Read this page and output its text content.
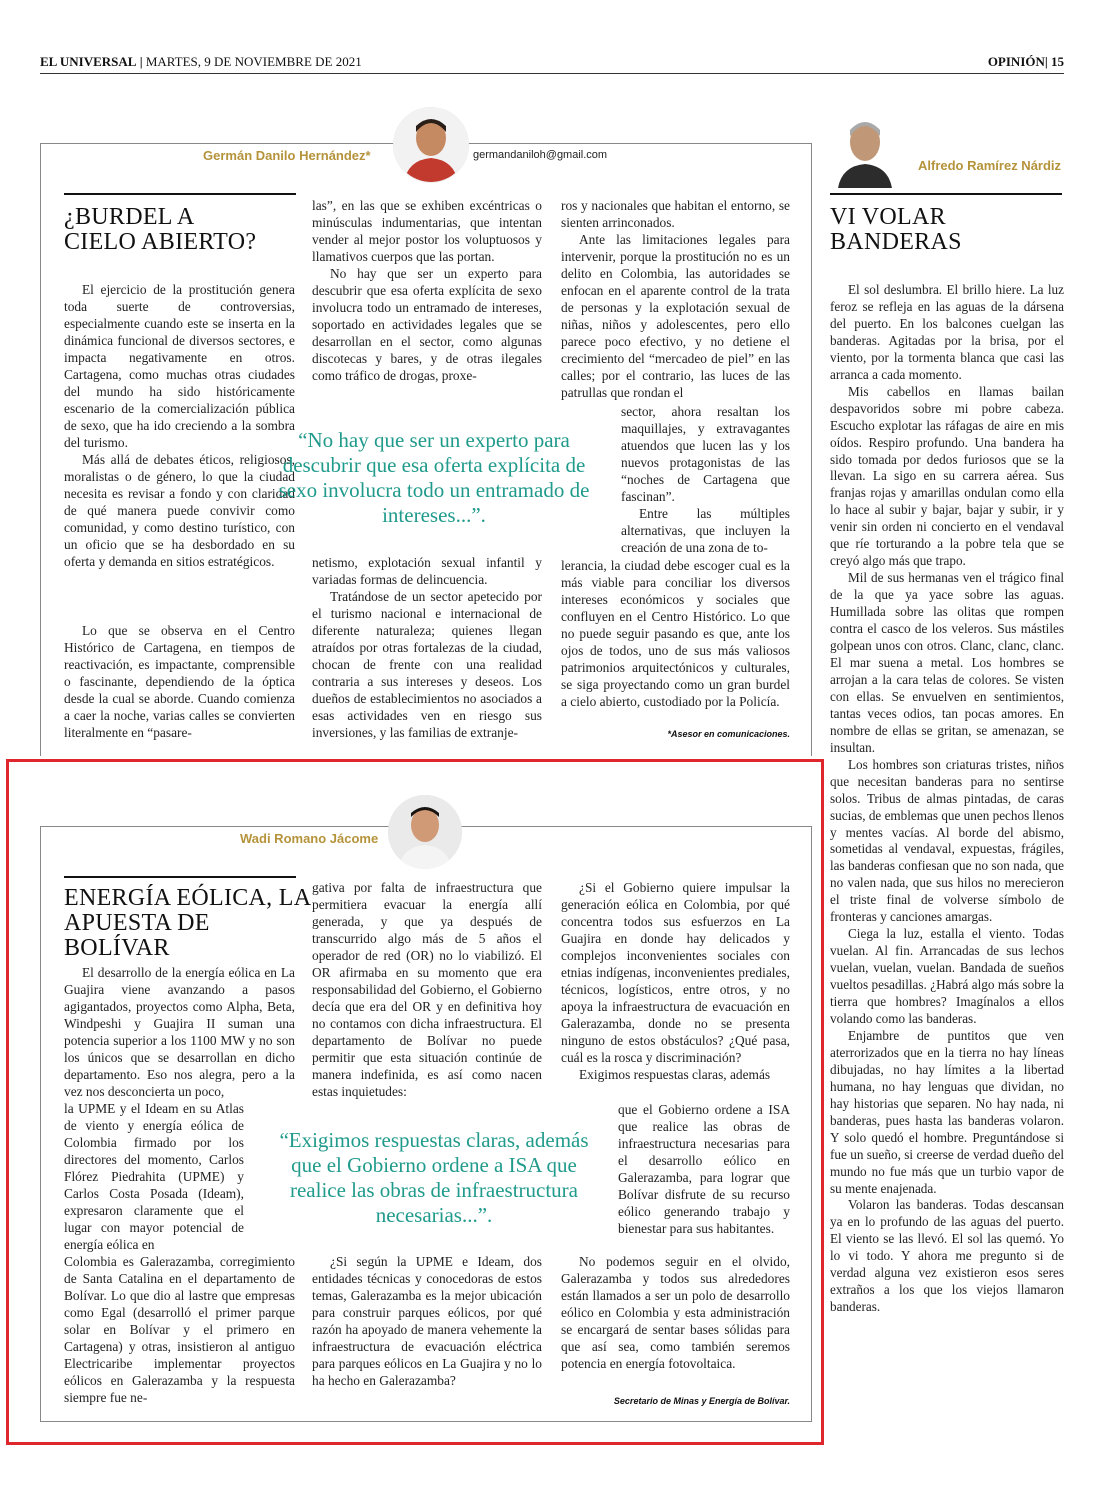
EL UNIVERSAL | MARTES, 9 DE NOVIEMBRE DE 2021	OPINIÓN| 15
Germán Danilo Hernández*	germandaniloh@gmail.com
¿BURDEL A
CIELO ABIERTO?

El ejercicio de la prostitución genera toda suerte de controversias, especialmente cuando este se inserta en la dinámica funcional de diversos sectores, e impacta negativamente en otros. Cartagena, como muchas otras ciudades del mundo ha sido históricamente escenario de la comercialización pública de sexo, que ha ido creciendo a la sombra del turismo.

Más allá de debates éticos, religiosos, moralistas o de género, lo que la ciudad necesita es revisar a fondo y con claridad de qué manera puede convivir como comunidad, y como destino turístico, con un oficio que se ha desbordado en su oferta y demanda en sitios estratégicos.

Lo que se observa en el Centro Histórico de Cartagena, en tiempos de reactivación, es impactante, comprensible o fascinante, dependiendo de la óptica desde la cual se aborde. Cuando comienza a caer la noche, varias calles se convierten literalmente en “pasare-

las”, en las que se exhiben excéntricas o minúsculas indumentarias, que intentan vender al mejor postor los voluptuosos y llamativos cuerpos que las portan.

No hay que ser un experto para descubrir que esa oferta explícita de sexo involucra todo un entramado de intereses, soportado en actividades legales que se desarrollan en el sector, como algunas discotecas y bares, y de otras ilegales como tráfico de drogas, proxe-

netismo, explotación sexual infantil y variadas formas de delincuencia.

Tratándose de un sector apetecido por el turismo nacional e internacional de diferente naturaleza; quienes llegan atraídos por otras fortalezas de la ciudad, chocan de frente con una realidad contraria a sus intereses y deseos. Los dueños de establecimientos no asociados a esas actividades ven en riesgo sus inversiones, y las familias de extranje-

ros y nacionales que habitan el entorno, se sienten arrinconados.

Ante las limitaciones legales para intervenir, porque la prostitución no es un delito en Colombia, las autoridades se enfocan en el aparente control de la trata de personas y la explotación sexual de niñas, niños y adolescentes, pero ello parece poco efectivo, y no detiene el crecimiento del “mercadeo de piel” en las calles; por el contrario, las luces de las patrullas que rondan el

sector, ahora resaltan los maquillajes, y extravagantes atuendos que lucen las y los nuevos protagonistas de las “noches de Cartagena que fascinan”.

Entre las múltiples alternativas, que incluyen la creación de una zona de to-

lerancia, la ciudad debe escoger cual es la más viable para conciliar los diversos intereses económicos y sociales que confluyen en el Centro Histórico. Lo que no puede seguir pasando es que, ante los ojos de todos, uno de sus más valiosos patrimonios arquitectónicos y culturales, se siga proyectando como un gran burdel a cielo abierto, custodiado por la Policía.

“No hay que ser un experto para descubrir que esa oferta explícita de sexo involucra todo un entramado de intereses...”.
*Asesor en comunicaciones.
Wadi Romano Jácome
ENERGÍA EÓLICA, LA
APUESTA DE BOLÍVAR

El desarrollo de la energía eólica en La Guajira viene avanzando a pasos agigantados, proyectos como Alpha, Beta, Windpeshi y Guajira II suman una potencia superior a los 1100 MW y no son los únicos que se desarrollan en dicho departamento. Eso nos alegra, pero a la vez nos desconcierta un poco,

la UPME y el Ideam en su Atlas de viento y energía eólica de Colombia firmado por los directores del momento, Carlos Flórez Piedrahita (UPME) y Carlos Costa Posada (Ideam), expresaron claramente que el lugar con mayor potencial de energía eólica en

Colombia es Galerazamba, corregimiento de Santa Catalina en el departamento de Bolívar. Lo que dio al lastre que empresas como Egal (desarrolló el primer parque solar en Bolívar y el primero en Cartagena) y otras, insistieron al antiguo Electricaribe implementar proyectos eólicos en Galerazamba y la respuesta siempre fue ne-

gativa por falta de infraestructura que permitiera evacuar la energía allí generada, y que ya después de transcurrido algo más de 5 años el operador de red (OR) no lo viabilizó. El OR afirmaba en su momento que era responsabilidad del Gobierno, el Gobierno decía que era del OR y en definitiva hoy no contamos con dicha infraestructura. El departamento de Bolívar no puede permitir que esta situación continúe de manera indefinida, es así como nacen estas inquietudes:

¿Si según la UPME e Ideam, dos entidades técnicas y conocedoras de estos temas, Galerazamba es la mejor ubicación para construir parques eólicos, por qué razón ha apoyado de manera vehemente la infraestructura de evacuación eléctrica para parques eólicos en La Guajira y no lo ha hecho en Galerazamba?

¿Si el Gobierno quiere impulsar la generación eólica en Colombia, por qué concentra todos sus esfuerzos en La Guajira en donde hay delicados y complejos inconvenientes sociales con etnias indígenas, inconvenientes prediales, técnicos, logísticos, entre otros, y no apoya la infraestructura de evacuación en Galerazamba, donde no se presenta ninguno de estos obstáculos? ¿Qué pasa, cuál es la rosca y discriminación?

Exigimos respuestas claras, además

que el Gobierno ordene a ISA que realice las obras de infraestructura necesarias para el desarrollo eólico en Galerazamba, para lograr que Bolívar disfrute de su recurso eólico generando trabajo y bienestar para sus habitantes.

No podemos seguir en el olvido, Galerazamba y todos sus alrededores están llamados a ser un polo de desarrollo eólico en Colombia y esta administración se encargará de sentar bases sólidas para que así sea, como también seremos potencia en energía fotovoltaica.

“Exigimos respuestas claras, además que el Gobierno ordene a ISA que realice las obras de infraestructura necesarias...”.
Secretario de Minas y Energía de Bolívar.
Alfredo Ramírez Nárdiz
VI VOLAR
BANDERAS

El sol deslumbra. El brillo hiere. La luz feroz se refleja en las aguas de la dársena del puerto. En los balcones cuelgan las banderas. Agitadas por la brisa, por el viento, por la tormenta blanca que casi las arranca a cada momento.

Mis cabellos en llamas bailan despavoridos sobre mi pobre cabeza. Escucho explotar las ráfagas de aire en mis oídos. Respiro profundo. Una bandera ha sido tomada por dedos furiosos que se la llevan. La sigo en su carrera aérea. Sus franjas rojas y amarillas ondulan como ella lo hace al subir y bajar, bajar y subir, ir y venir sin orden ni concierto en el vendaval que ríe torturando a la pobre tela que se creyó algo más que trapo.

Mil de sus hermanas ven el trágico final de la que ya yace sobre las aguas. Humillada sobre las olitas que rompen contra el casco de los veleros. Sus mástiles golpean unos con otros. Clanc, clanc, clanc. El mar suena a metal. Los hombres se arrojan a la cara telas de colores. Se visten con ellas. Se envuelven en sentimientos, tantas veces odios, tan pocas amores. En nombre de ellas se gritan, se amenazan, se insultan.

Los hombres son criaturas tristes, niños que necesitan banderas para no sentirse solos. Tribus de almas pintadas, de caras sucias, de emblemas que unen pechos llenos y mentes vacías. Al borde del abismo, sometidas al vendaval, expuestas, frágiles, las banderas confiesan que no son nada, que no valen nada, que sus hilos no merecieron el triste final de volverse símbolo de fronteras y canciones amargas.

Ciega la luz, estalla el viento. Todas vuelan. Al fin. Arrancadas de sus lechos vuelan, vuelan, vuelan. Bandada de sueños vueltos pesadillas. ¿Habrá algo más sobre la tierra que hombres? Imagínalos a ellos volando como las banderas.

Enjambre de puntitos que ven aterrorizados que en la tierra no hay líneas dibujadas, no hay límites a la libertad humana, no hay lenguas que dividan, no hay historias que separen. No hay nada, ni banderas, pues hasta las banderas volaron. Y solo quedó el hombre. Preguntándose si fue un sueño, si creerse de verdad dueño del mundo no fue más que un turbio vapor de su mente enajenada.

Volaron las banderas. Todas descansan ya en lo profundo de las aguas del puerto. El viento se las llevó. El sol las quemó. Yo lo vi todo. Y ahora me pregunto si de verdad alguna vez existieron esos seres extraños a los que los viejos llamaron banderas.
